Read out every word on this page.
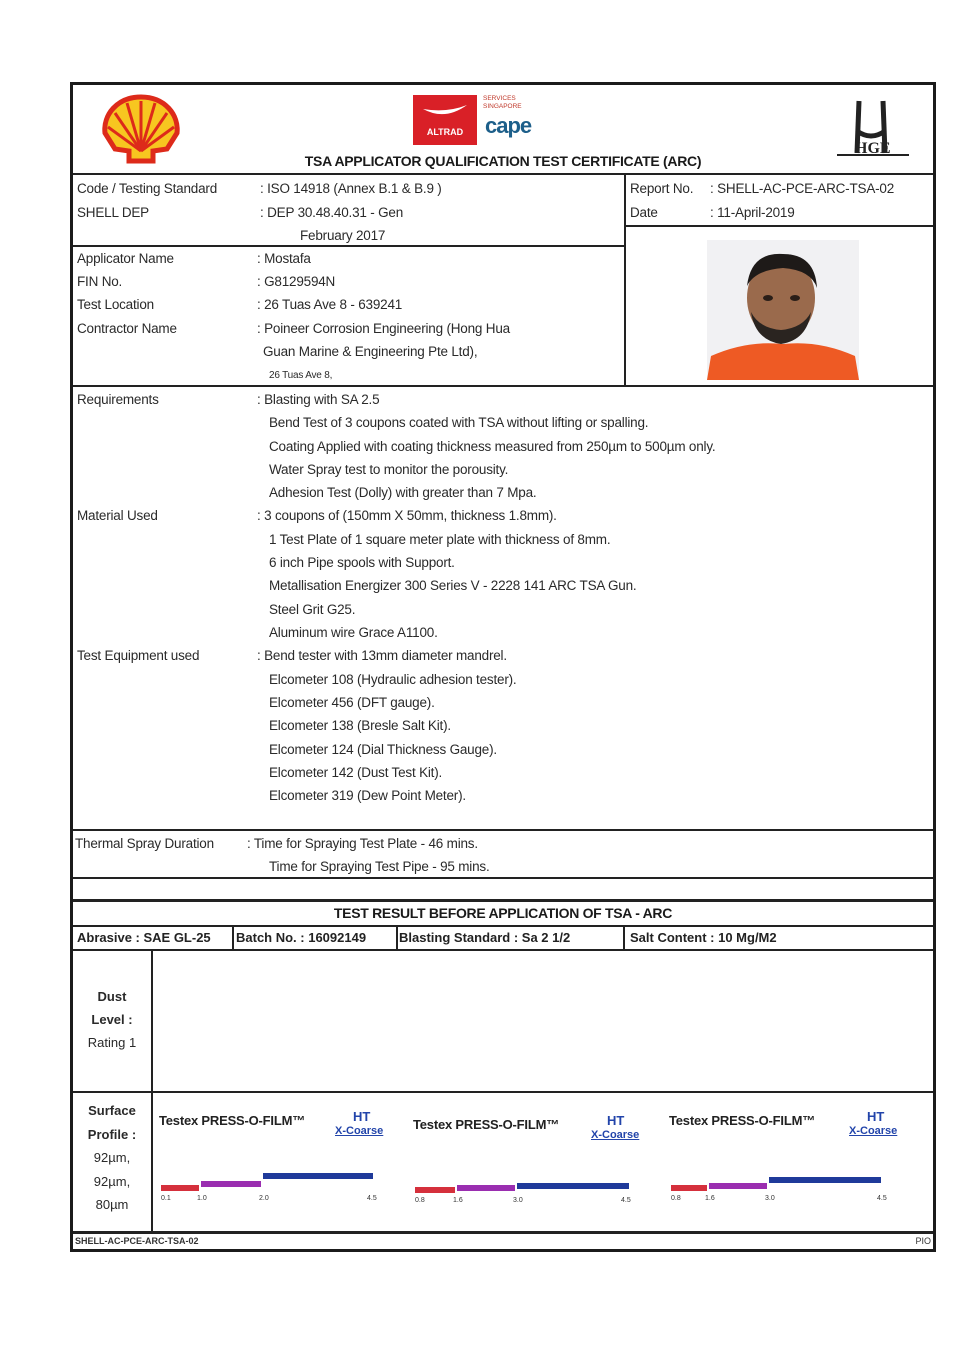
ALTRAD
SERVICES SINGAPORE
cape
HGE
TSA APPLICATOR QUALIFICATION TEST CERTIFICATE (ARC)
Code / Testing Standard	: ISO 14918 (Annex B.1 & B.9 )
SHELL DEP	: DEP 30.48.40.31 - Gen
February 2017
Report No. : SHELL-AC-PCE-ARC-TSA-02
Date	: 11-April-2019
Applicator Name	: Mostafa
FIN No.	: G8129594N
Test Location	: 26 Tuas Ave 8 - 639241
Contractor Name	: Poineer Corrosion Engineering (Hong Hua
Guan Marine & Engineering Pte Ltd),
26 Tuas Ave 8,
Requirements	: Blasting with SA 2.5
Bend Test of 3 coupons coated with TSA without lifting or spalling.
Coating Applied with coating thickness measured from 250µm to 500µm only.
Water Spray test to monitor the porousity.
Adhesion Test (Dolly) with greater than 7 Mpa.
Material Used	: 3 coupons of (150mm X 50mm, thickness 1.8mm).
1 Test Plate of 1 square meter plate with thickness of 8mm.
6 inch Pipe spools with Support.
Metallisation Energizer 300 Series V - 2228 141 ARC TSA Gun.
Steel Grit G25.
Aluminum wire Grace A1100.
Test Equipment used	: Bend tester with 13mm diameter mandrel.
Elcometer 108 (Hydraulic adhesion tester).
Elcometer 456 (DFT gauge).
Elcometer 138 (Bresle Salt Kit).
Elcometer 124 (Dial Thickness Gauge).
Elcometer 142 (Dust Test Kit).
Elcometer 319 (Dew Point Meter).
Thermal Spray Duration : Time for Spraying Test Plate - 46 mins.
Time for Spraying Test Pipe - 95 mins.
TEST RESULT BEFORE APPLICATION OF TSA - ARC
Abrasive : SAE GL-25 Batch No. : 16092149	Blasting Standard : Sa 2 1/2	Salt Content : 10 Mg/M2
Dust
Level :
Rating 1
Surface
Profile :
92µm,
92µm,
80µm
Testex PRESS-O-FILM™	HT
X-Coarse
0.1	1.0	2.0	4.5
Testex PRESS-O-FILM™	HT
X-Coarse
0.8	1.6	3.0	4.5
Testex PRESS-O-FILM™	HT
X-Coarse
0.8	1.6	3.0	4.5
SHELL-AC-PCE-ARC-TSA-02	PIO
